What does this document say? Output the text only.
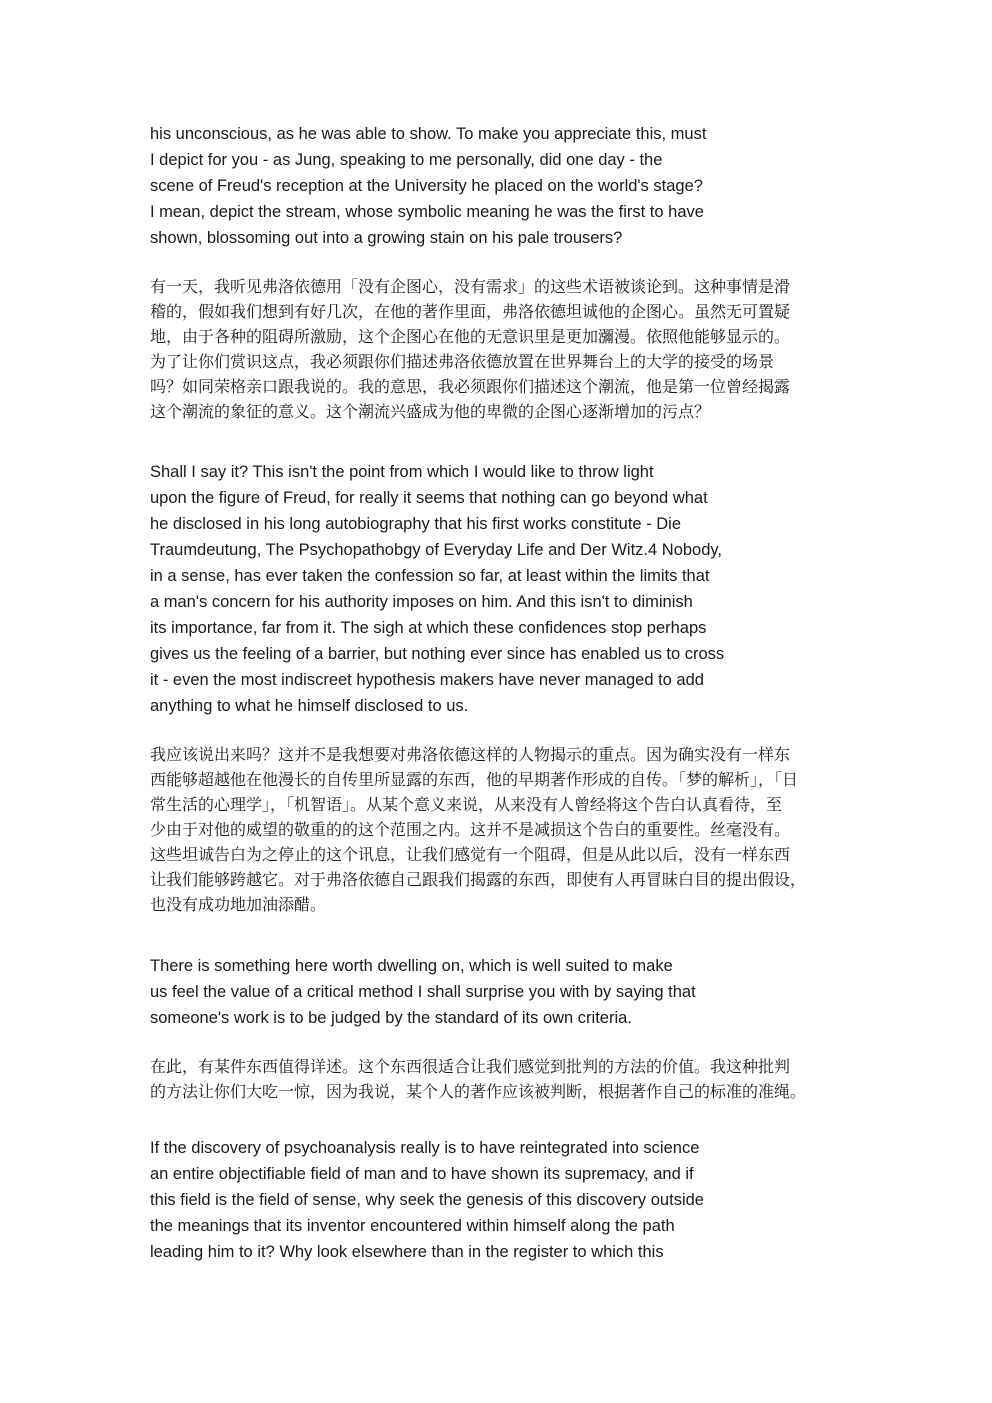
his unconscious, as he was able to show. To make you appreciate this, must
I depict for you - as Jung, speaking to me personally, did one day - the
scene of Freud's reception at the University he placed on the world's stage?
I mean, depict the stream, whose symbolic meaning he was the first to have
shown, blossoming out into a growing stain on his pale trousers?
有一天，我听见弗洛依德用「没有企图心，没有需求」的这些术语被谈论到。这种事情是滑
稽的，假如我们想到有好几次，在他的著作里面，弗洛依德坦诚他的企图心。虽然无可置疑
地，由于各种的阻碍所激励，这个企图心在他的无意识里是更加瀰漫。依照他能够显示的。
为了让你们赏识这点，我必须跟你们描述弗洛依德放置在世界舞台上的大学的接受的场景
吗？如同荣格亲口跟我说的。我的意思，我必须跟你们描述这个潮流，他是第一位曾经揭露
这个潮流的象征的意义。这个潮流兴盛成为他的卑微的企图心逐渐增加的污点？
Shall I say it? This isn't the point from which I would like to throw light
upon the figure of Freud, for really it seems that nothing can go beyond what
he disclosed in his long autobiography that his first works constitute - Die
Traumdeutung, The Psychopathobgy of Everyday Life and Der Witz.4 Nobody,
in a sense, has ever taken the confession so far, at least within the limits that
a man's concern for his authority imposes on him. And this isn't to diminish
its importance, far from it. The sigh at which these confidences stop perhaps
gives us the feeling of a barrier, but nothing ever since has enabled us to cross
it - even the most indiscreet hypothesis makers have never managed to add
anything to what he himself disclosed to us.
我应该说出来吗？这并不是我想要对弗洛依德这样的人物揭示的重点。因为确实没有一样东
西能够超越他在他漫长的自传里所显露的东西，他的早期著作形成的自传。「梦的解析」，「日
常生活的心理学」，「机智语」。从某个意义来说，从来没有人曾经将这个告白认真看待，至
少由于对他的威望的敬重的的这个范围之内。这并不是减损这个告白的重要性。丝毫没有。
这些坦诚告白为之停止的这个讯息，让我们感觉有一个阻碍，但是从此以后，没有一样东西
让我们能够跨越它。对于弗洛依德自己跟我们揭露的东西，即使有人再冒昧白目的提出假设，
也没有成功地加油添醋。
There is something here worth dwelling on, which is well suited to make
us feel the value of a critical method I shall surprise you with by saying that
someone's work is to be judged by the standard of its own criteria.
在此，有某件东西值得详述。这个东西很适合让我们感觉到批判的方法的价值。我这种批判
的方法让你们大吃一惊，因为我说，某个人的著作应该被判断，根据著作自己的标准的准绳。
If the discovery of psychoanalysis really is to have reintegrated into science
an entire objectifiable field of man and to have shown its supremacy, and if
this field is the field of sense, why seek the genesis of this discovery outside
the meanings that its inventor encountered within himself along the path
leading him to it? Why look elsewhere than in the register to which this
